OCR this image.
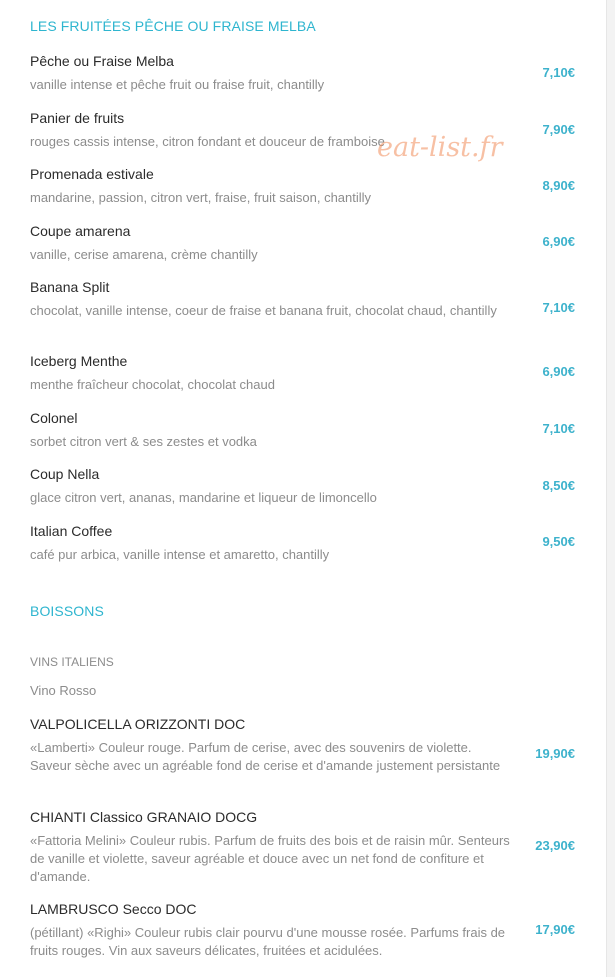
LES FRUITÉES PÊCHE OU FRAISE MELBA
Pêche ou Fraise Melba
vanille intense et pêche fruit ou fraise fruit, chantilly
7,10€
Panier de fruits
rouges cassis intense, citron fondant et douceur de framboise
7,90€
Promenada estivale
mandarine, passion, citron vert, fraise, fruit saison, chantilly
8,90€
Coupe amarena
vanille, cerise amarena, crème chantilly
6,90€
Banana Split
chocolat, vanille intense, coeur de fraise et banana fruit, chocolat chaud, chantilly	7,10€
Iceberg Menthe
menthe fraîcheur chocolat, chocolat chaud
6,90€
Colonel
sorbet citron vert & ses zestes et vodka
7,10€
Coup Nella
glace citron vert, ananas, mandarine et liqueur de limoncello
8,50€
Italian Coffee
café pur arbica, vanille intense et amaretto, chantilly
9,50€
BOISSONS
VINS ITALIENS
Vino Rosso
VALPOLICELLA ORIZZONTI DOC
«Lamberti» Couleur rouge. Parfum de cerise, avec des souvenirs de violette. Saveur sèche avec un agréable fond de cerise et d'amande justement persistante
19,90€
CHIANTI Classico GRANAIO DOCG
«Fattoria Melini» Couleur rubis. Parfum de fruits des bois et de raisin mûr. Senteurs de vanille et violette, saveur agréable et douce avec un net fond de confiture et d'amande.
23,90€
LAMBRUSCO Secco DOC
(pétillant) «Righi» Couleur rubis clair pourvu d'une mousse rosée. Parfums frais de fruits rouges. Vin aux saveurs délicates, fruitées et acidulées.
17,90€
eat-list.fr
